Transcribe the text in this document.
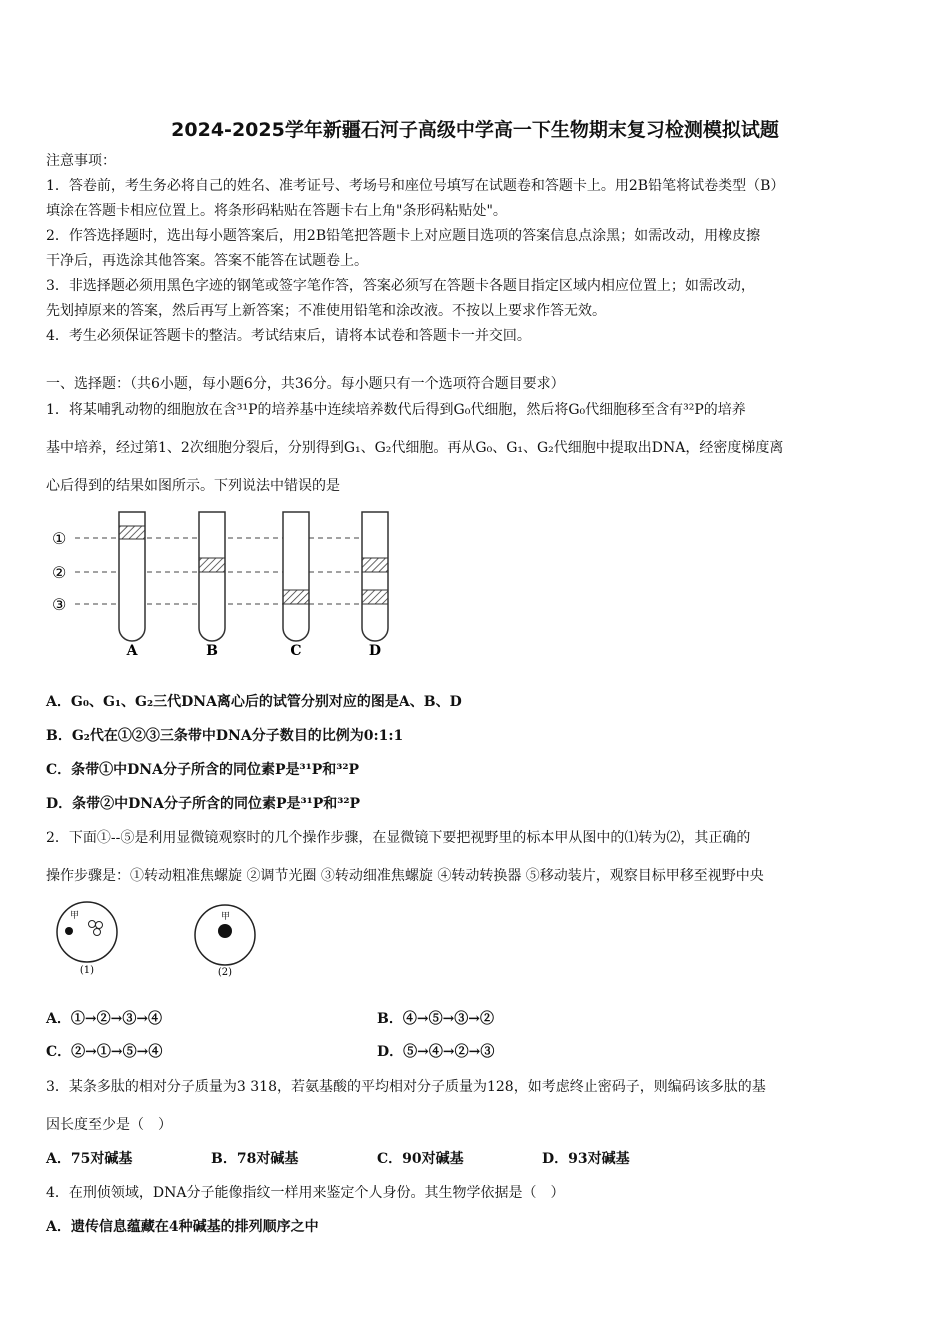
2024-2025学年新疆石河子高级中学高一下生物期末复习检测模拟试题
注意事项：
1．答卷前，考生务必将自己的姓名、准考证号、考场号和座位号填写在试题卷和答题卡上。用2B铅笔将试卷类型（B）
填涂在答题卡相应位置上。将条形码粘贴在答题卡右上角"条形码粘贴处"。
2．作答选择题时，选出每小题答案后，用2B铅笔把答题卡上对应题目选项的答案信息点涂黑；如需改动，用橡皮擦
干净后，再选涂其他答案。答案不能答在试题卷上。
3．非选择题必须用黑色字迹的钢笔或签字笔作答，答案必须写在答题卡各题目指定区域内相应位置上；如需改动，
先划掉原来的答案，然后再写上新答案；不准使用铅笔和涂改液。不按以上要求作答无效。
4．考生必须保证答题卡的整洁。考试结束后，请将本试卷和答题卡一并交回。
一、选择题：（共6小题，每小题6分，共36分。每小题只有一个选项符合题目要求）
1．将某哺乳动物的细胞放在含³¹P的培养基中连续培养数代后得到G₀代细胞，然后将G₀代细胞移至含有³²P的培养
基中培养，经过第1、2次细胞分裂后，分别得到G₁、G₂代细胞。再从G₀、G₁、G₂代细胞中提取出DNA，经密度梯度离
心后得到的结果如图所示。下列说法中错误的是
①
②
③
A	B	C	D
A．G₀、G₁、G₂三代DNA离心后的试管分别对应的图是A、B、D
B．G₂代在①②③三条带中DNA分子数目的比例为0:1:1
C．条带①中DNA分子所含的同位素P是³¹P和³²P
D．条带②中DNA分子所含的同位素P是³¹P和³²P
2．下面①--⑤是利用显微镜观察时的几个操作步骤，在显微镜下要把视野里的标本甲从图中的⑴转为⑵，其正确的
操作步骤是：①转动粗准焦螺旋 ②调节光圈 ③转动细准焦螺旋 ④转动转换器 ⑤移动装片，观察目标甲移至视野中央
甲
(1)
甲
(2)
A．①→②→③→④	B．④→⑤→③→②
C．②→①→⑤→④	D．⑤→④→②→③
3．某条多肽的相对分子质量为3 318，若氨基酸的平均相对分子质量为128，如考虑终止密码子，则编码该多肽的基
因长度至少是（　）
A．75对碱基	B．78对碱基	C．90对碱基	D．93对碱基
4．在刑侦领域，DNA分子能像指纹一样用来鉴定个人身份。其生物学依据是（　）
A．遗传信息蕴藏在4种碱基的排列顺序之中
